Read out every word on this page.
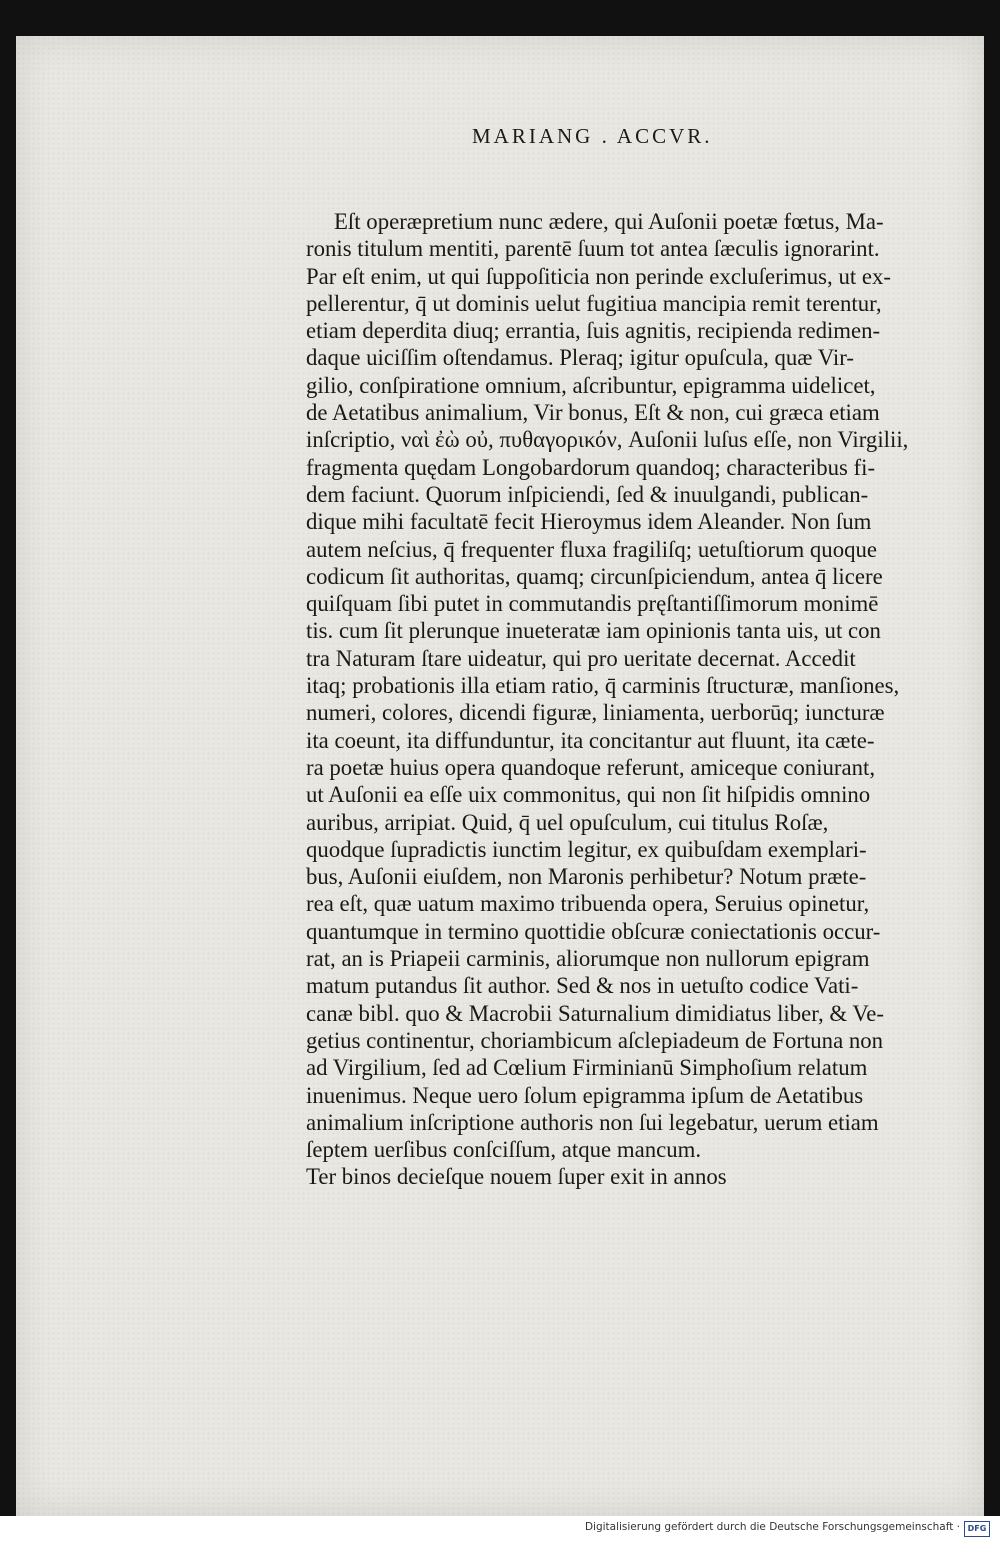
MARIANG . ACCVR.
Eſt operæpretium nunc ædere, qui Auſonii poetæ fœtus, Ma-
ronis titulum mentiti, parentē ſuum tot antea ſæculis ignorarint.
Par eſt enim, ut qui ſuppoſiticia non perinde excluſerimus, ut ex-
pellerentur, q̄ ut dominis uelut fugitiua mancipia remit terentur,
etiam deperdita diuq; errantia, ſuis agnitis, recipienda redimen-
daque uiciſſim oſtendamus. Pleraq; igitur opuſcula, quæ Vir-
gilio, conſpiratione omnium, aſcribuntur, epigramma uidelicet,
de Aetatibus animalium, Vir bonus, Eſt & non, cui græca etiam
inſcriptio, ναὶ ἐὼ οὐ, πυθαγορικόν, Auſonii luſus eſſe, non Virgilii,
fragmenta quędam Longobardorum quandoq; characteribus fi-
dem faciunt. Quorum inſpiciendi, ſed & inuulgandi, publican-
dique mihi facultatē fecit Hieroymus idem Aleander. Non ſum
autem neſcius, q̄ frequenter fluxa fragiliſq; uetuſtiorum quoque
codicum ſit authoritas, quamq; circunſpiciendum, antea q̄ licere
quiſquam ſibi putet in commutandis pręſtantiſſimorum monimē
tis. cum ſit plerunque inueteratæ iam opinionis tanta uis, ut con
tra Naturam ſtare uideatur, qui pro ueritate decernat. Accedit
itaq; probationis illa etiam ratio, q̄ carminis ſtructuræ, manſiones,
numeri, colores, dicendi figuræ, liniamenta, uerborūq; iuncturæ
ita coeunt, ita diffunduntur, ita concitantur aut fluunt, ita cæte-
ra poetæ huius opera quandoque referunt, amiceque coniurant,
ut Auſonii ea eſſe uix commonitus, qui non ſit hiſpidis omnino
auribus, arripiat. Quid, q̄ uel opuſculum, cui titulus Roſæ,
quodque ſupradictis iunctim legitur, ex quibuſdam exemplari-
bus, Auſonii eiuſdem, non Maronis perhibetur? Notum præte-
rea eſt, quæ uatum maximo tribuenda opera, Seruius opinetur,
quantumque in termino quottidie obſcuræ coniectationis occur-
rat, an is Priapeii carminis, aliorumque non nullorum epigram
matum putandus ſit author. Sed & nos in uetuſto codice Vati-
canæ bibl. quo & Macrobii Saturnalium dimidiatus liber, & Ve-
getius continentur, choriambicum aſclepiadeum de Fortuna non
ad Virgilium, ſed ad Cœlium Firminianū Simphoſium relatum
inuenimus. Neque uero ſolum epigramma ipſum de Aetatibus
animalium inſcriptione authoris non ſui legebatur, uerum etiam
ſeptem uerſibus conſciſſum, atque mancum.
Ter binos decieſque nouem ſuper exit in annos
Digitalisierung gefördert durch die Deutsche Forschungsgemeinschaft · DFG
